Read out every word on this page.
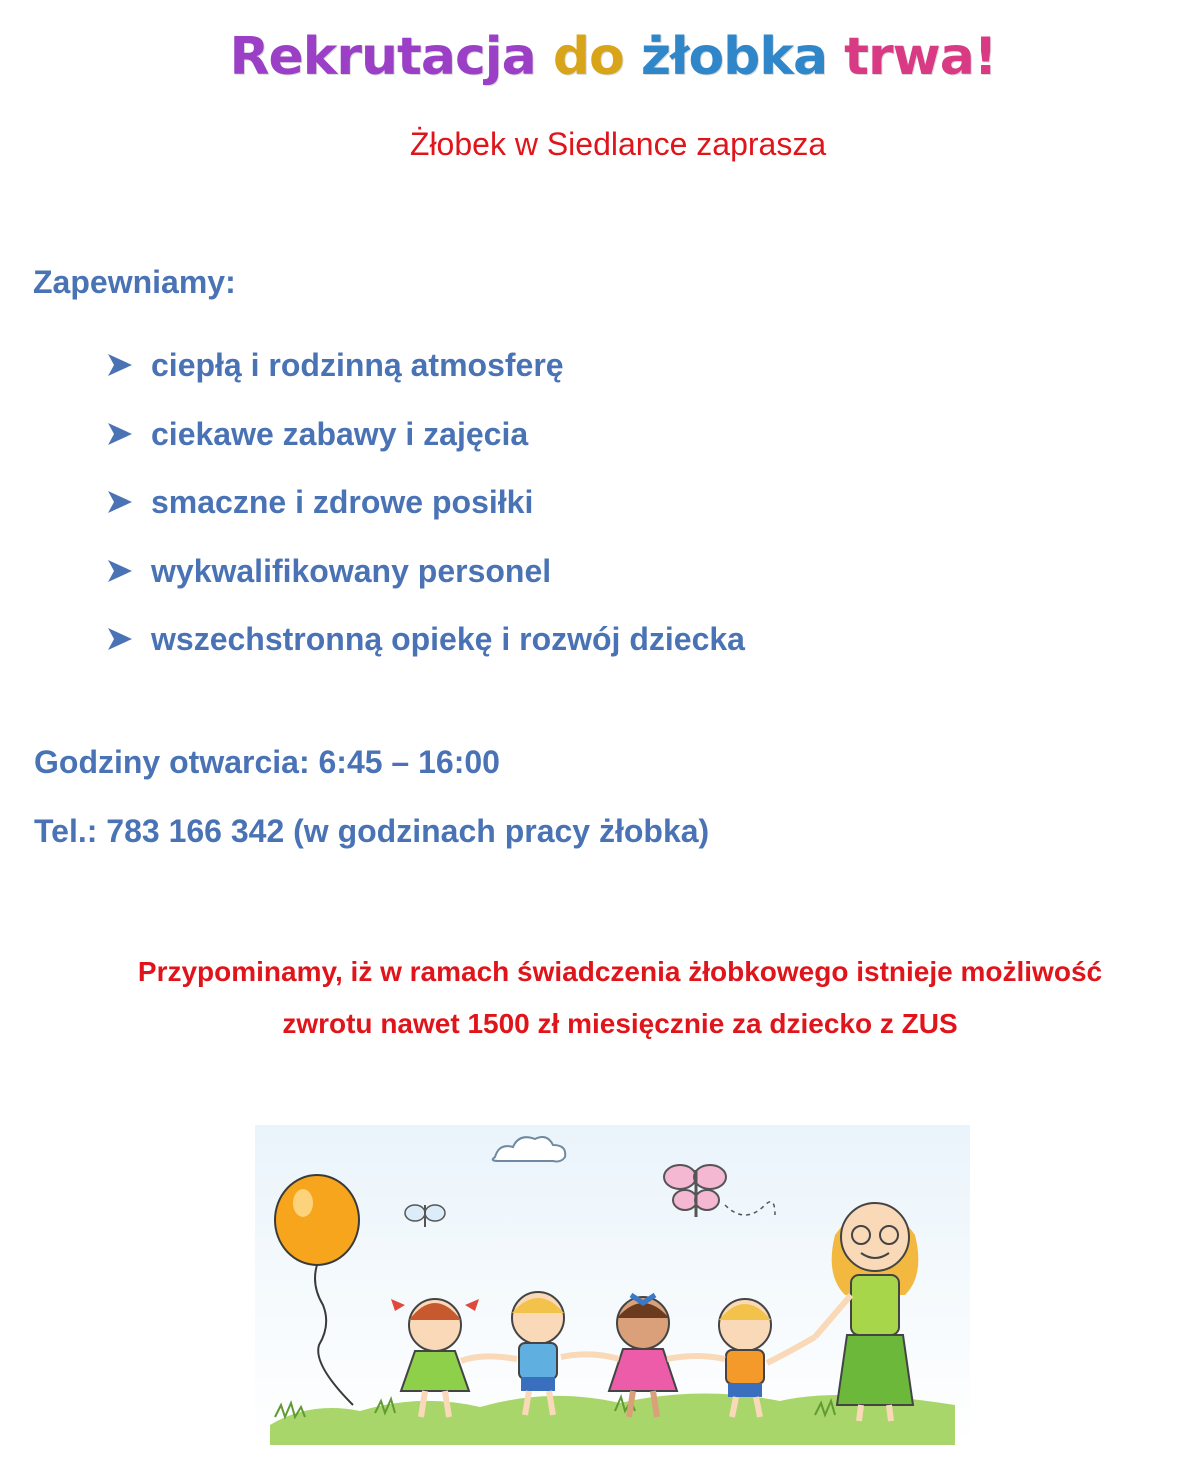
Rekrutacja do żłobka trwa!
Żłobek w Siedlance zaprasza
Zapewniamy:
ciepłą i rodzinną atmosferę
ciekawe zabawy i zajęcia
smaczne i zdrowe posiłki
wykwalifikowany personel
wszechstronną opiekę i rozwój dziecka
Godziny otwarcia: 6:45 – 16:00
Tel.: 783 166 342 (w godzinach pracy żłobka)
Przypominamy, iż w ramach świadczenia żłobkowego istnieje możliwość
zwrotu nawet 1500 zł miesięcznie za dziecko z ZUS
